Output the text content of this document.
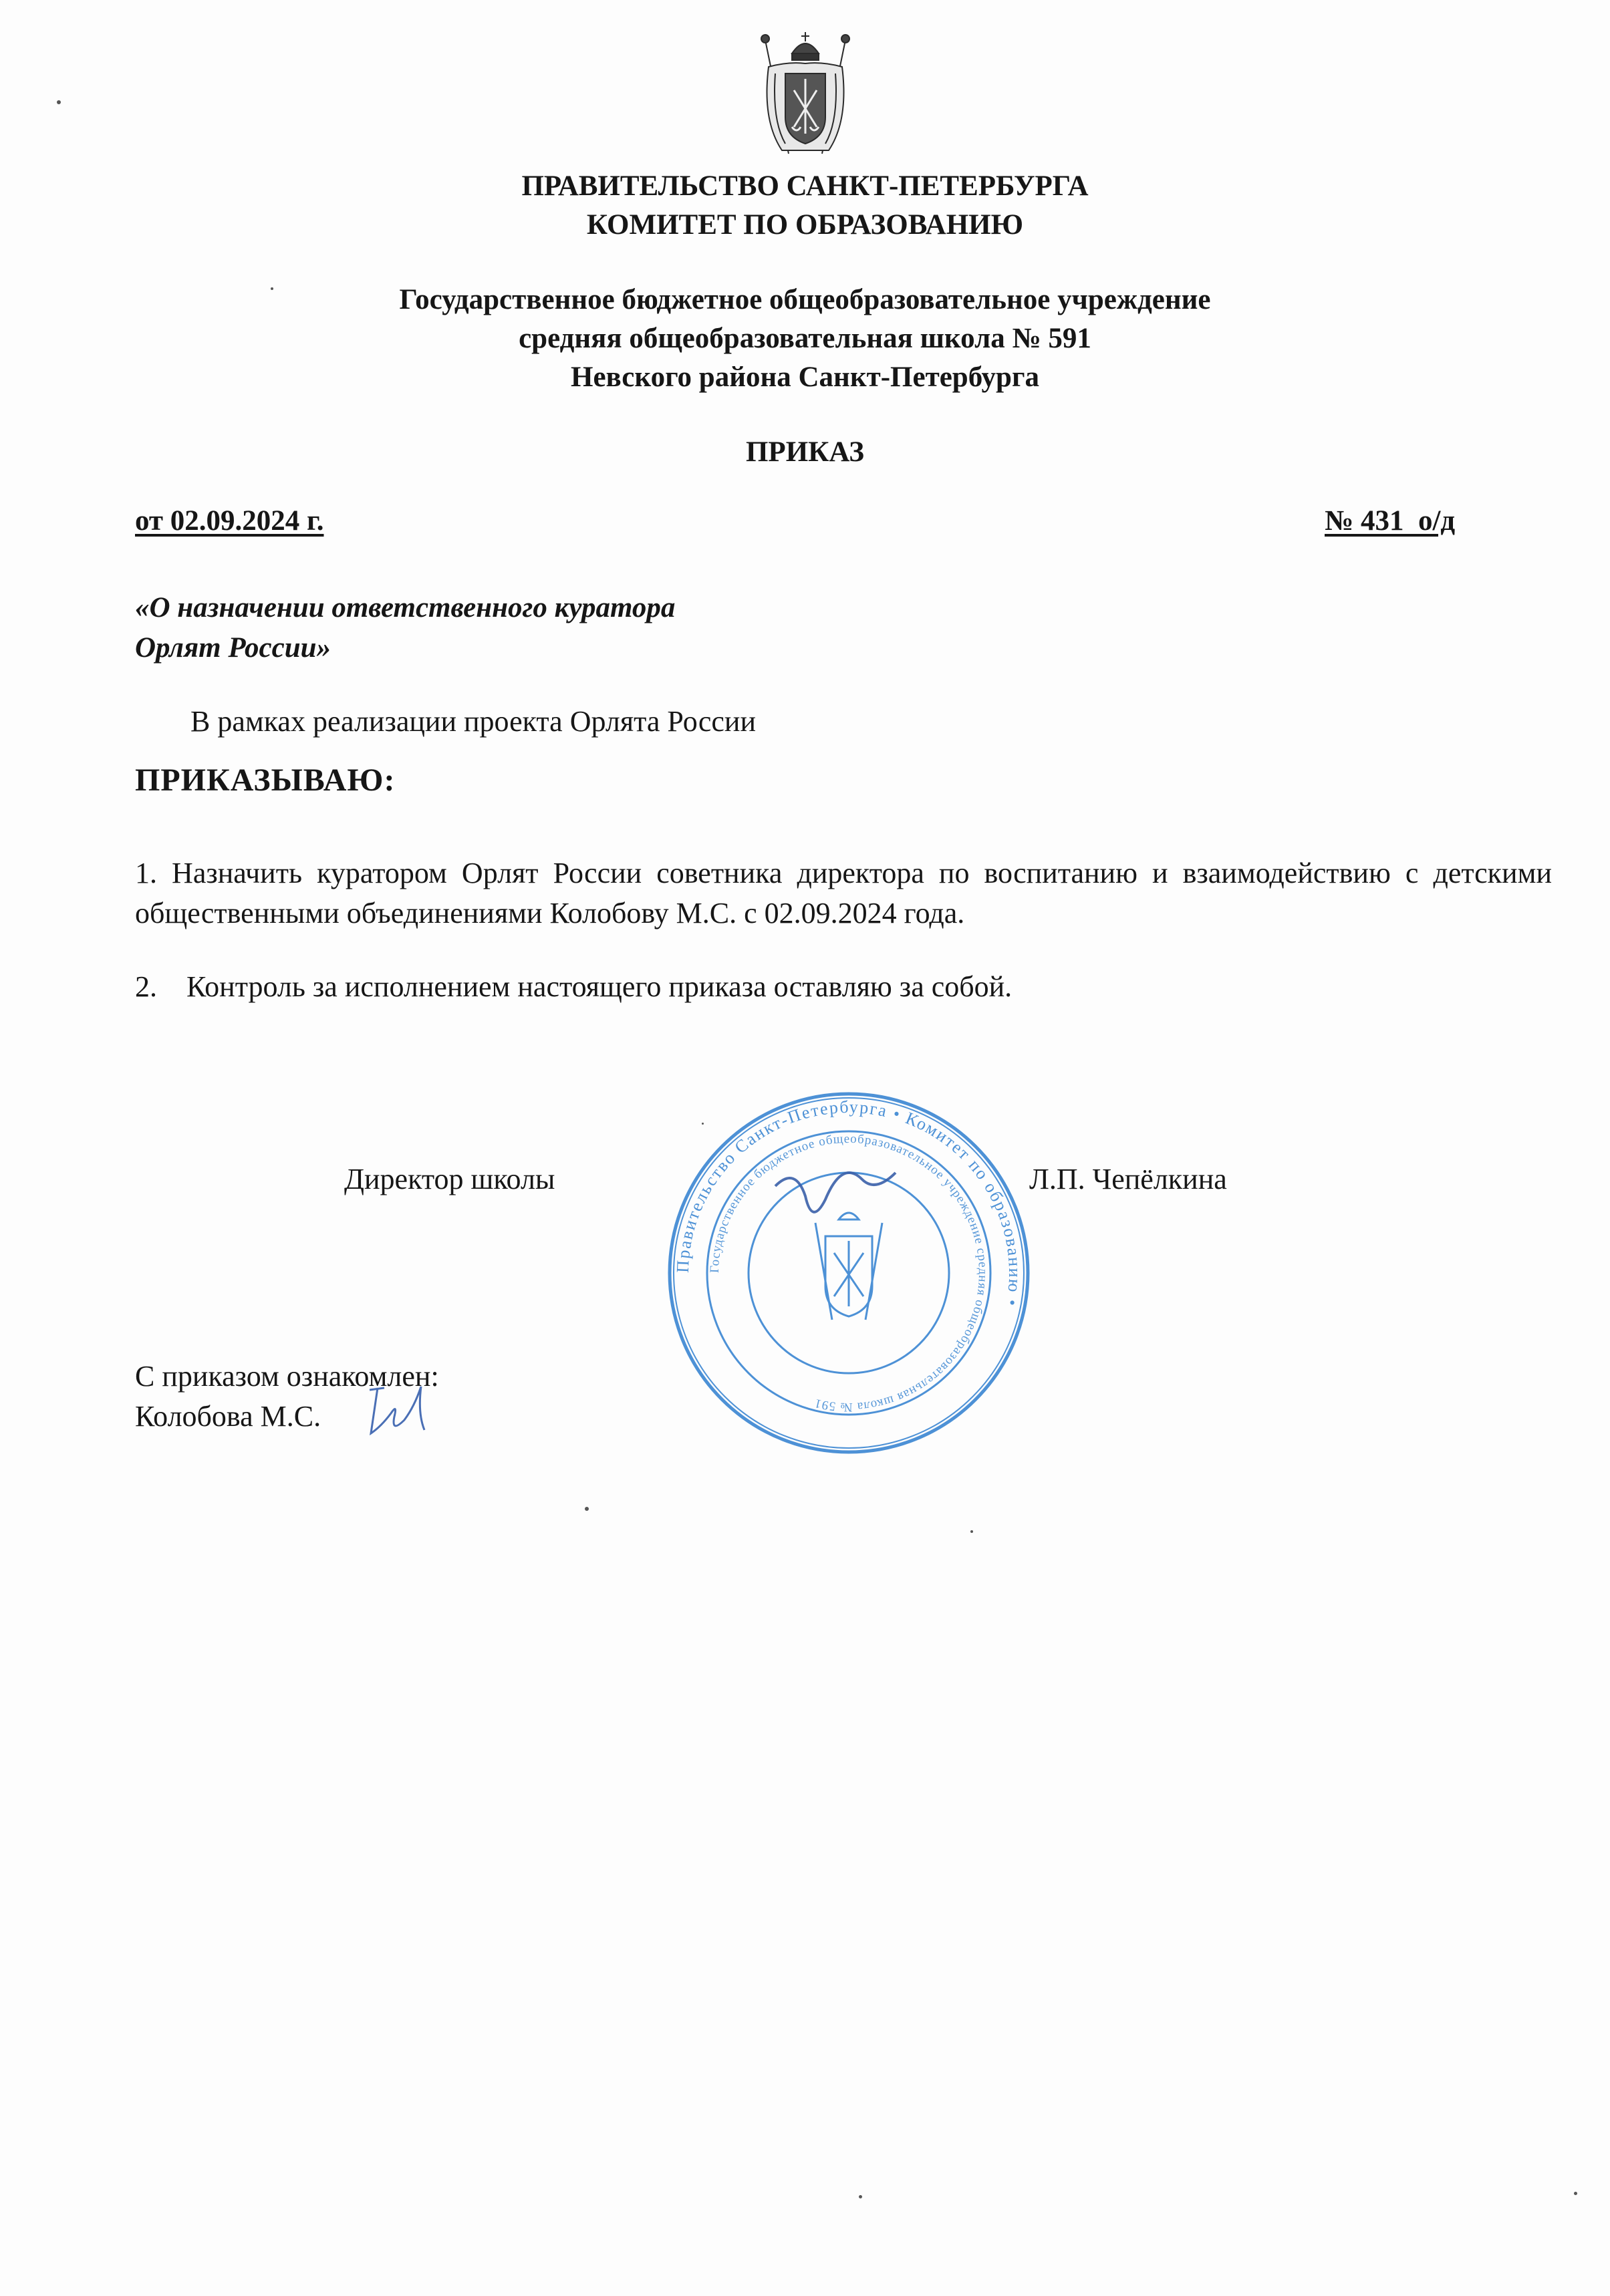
ПРАВИТЕЛЬСТВО САНКТ-ПЕТЕРБУРГА
КОМИТЕТ ПО ОБРАЗОВАНИЮ
Государственное бюджетное общеобразовательное учреждение
средняя общеобразовательная школа № 591
Невского района Санкт-Петербурга
ПРИКАЗ
от 02.09.2024 г.	№ 431  о/д
«О назначении ответственного куратора
Орлят России»
В рамках реализации проекта Орлята России
ПРИКАЗЫВАЮ:
1. Назначить куратором Орлят России советника директора по воспитанию и взаимодействию с детскими общественными объединениями Колобову М.С. с 02.09.2024 года.
2.    Контроль за исполнением настоящего приказа оставляю за собой.
Директор школы	Л.П. Чепёлкина
Правительство Санкт-Петербурга • Комитет по образованию •
Государственное бюджетное общеобразовательное учреждение средняя общеобразовательная школа № 591
С приказом ознакомлен:
Колобова М.С.
